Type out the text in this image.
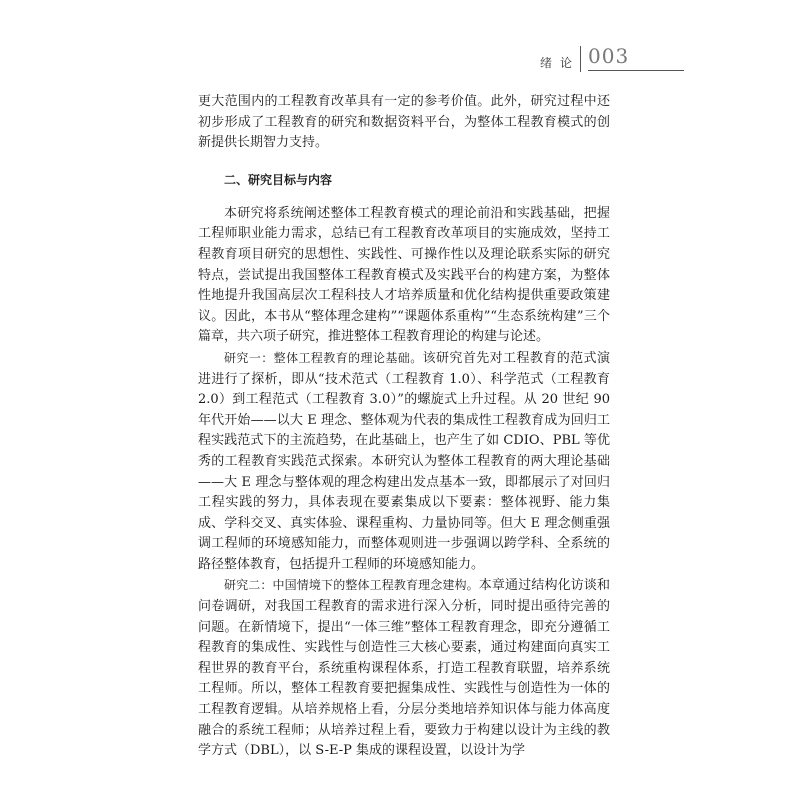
绪论 003

更大范围内的工程教育改革具有一定的参考价值。此外，研究过程中还初步形成了工程教育的研究和数据资料平台，为整体工程教育模式的创新提供长期智力支持。

二、研究目标与内容

本研究将系统阐述整体工程教育模式的理论前沿和实践基础，把握工程师职业能力需求，总结已有工程教育改革项目的实施成效，坚持工程教育项目研究的思想性、实践性、可操作性以及理论联系实际的研究特点，尝试提出我国整体工程教育模式及实践平台的构建方案，为整体性地提升我国高层次工程科技人才培养质量和优化结构提供重要政策建议。因此，本书从“整体理念建构”“课题体系重构”“生态系统构建”三个篇章，共六项子研究，推进整体工程教育理论的构建与论述。

研究一：整体工程教育的理论基础。该研究首先对工程教育的范式演进进行了探析，即从“技术范式（工程教育 1.0）、科学范式（工程教育 2.0）到工程范式（工程教育 3.0）”的螺旋式上升过程。从 20 世纪 90 年代开始——以大 E 理念、整体观为代表的集成性工程教育成为回归工程实践范式下的主流趋势，在此基础上，也产生了如 CDIO、PBL 等优秀的工程教育实践范式探索。本研究认为整体工程教育的两大理论基础——大 E 理念与整体观的理念构建出发点基本一致，即都展示了对回归工程实践的努力，具体表现在要素集成以下要素：整体视野、能力集成、学科交叉、真实体验、课程重构、力量协同等。但大 E 理念侧重强调工程师的环境感知能力，而整体观则进一步强调以跨学科、全系统的路径整体教育，包括提升工程师的环境感知能力。

研究二：中国情境下的整体工程教育理念建构。本章通过结构化访谈和问卷调研，对我国工程教育的需求进行深入分析，同时提出亟待完善的问题。在新情境下，提出“一体三维”整体工程教育理念，即充分遵循工程教育的集成性、实践性与创造性三大核心要素，通过构建面向真实工程世界的教育平台，系统重构课程体系，打造工程教育联盟，培养系统工程师。所以，整体工程教育要把握集成性、实践性与创造性为一体的工程教育逻辑。从培养规格上看，分层分类地培养知识体与能力体高度融合的系统工程师；从培养过程上看，要致力于构建以设计为主线的教学方式（DBL），以 S-E-P 集成的课程设置，以设计为学
